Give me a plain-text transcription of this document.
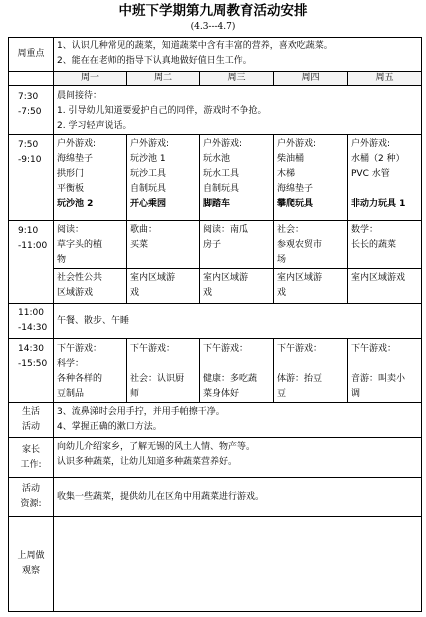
中班下学期第九周教育活动安排
(4.3---4.7)
周重点	1、认识几种常见的蔬菜，知道蔬菜中含有丰富的营养，喜欢吃蔬菜。
2、能在在老师的指导下认真地做好值日生工作。				

	周一	周二	周三	周四	周五

7:30
-7:50	晨间接待：
1. 引导幼儿知道要爱护自己的同伴，游戏时不争抢。
2. 学习轻声说话。				

7:50
-9:10	户外游戏:
海绵垫子
拱形门
平衡板
玩沙池 2	户外游戏:
玩沙池 1
玩沙工具
自制玩具
开心乘园	户外游戏:
玩水池
玩水工具
自制玩具
脚踏车	户外游戏:
柴油桶
木梯
海绵垫子
攀爬玩具	户外游戏:
水桶（2 种）
PVC 水管
非动力玩具 1

9:10
-11:00	阅读：
草字头的植
物	歌曲：
买菜	阅读：南瓜
房子	社会：
参观农贸市
场	数学：
长长的蔬菜

	社会性公共
区域游戏	室内区域游
戏	室内区域游
戏	室内区域游
戏	室内区域游戏

11:00
-14:30	午餐、散步、午睡				

14:30
-15:50	下午游戏：
科学：
各种各样的
豆制品	下午游戏：
社会：认识厨
师	下午游戏：
健康：多吃蔬
菜身体好	下午游戏：
体游：抬豆
豆	下午游戏：
音游：叫卖小
调

生活
活动	3、流鼻涕时会用手拧，并用手帕擦干净。
4、掌握正确的漱口方法。				

家长
工作:	向幼儿介绍家乡，了解无锡的风土人情、物产等。
认识多种蔬菜，让幼儿知道多种蔬菜营养好。				

活动
资源:	收集一些蔬菜，提供幼儿在区角中用蔬菜进行游戏。				

上周做
观察					
